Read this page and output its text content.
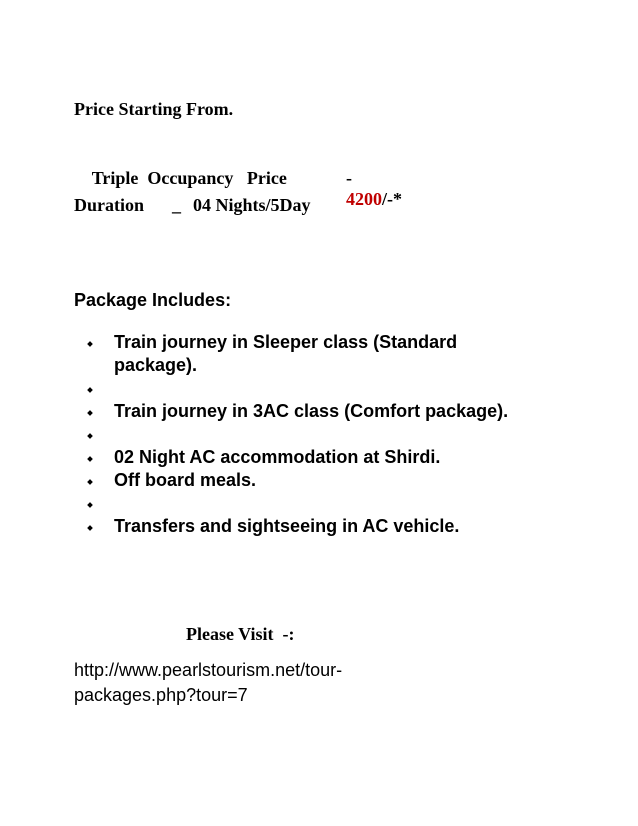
Price Starting From.

Triple  Occupancy   Price
	-
4200/-*

Duration _ 04 Nights/5Day
Package Includes:
Train journey in Sleeper class (Standard package).
Train journey in 3AC class (Comfort package).
02 Night AC accommodation at Shirdi.
Off board meals.
Transfers and sightseeing in AC vehicle.
Please Visit  -:
http://www.pearlstourism.net/tour-packages.php?tour=7
